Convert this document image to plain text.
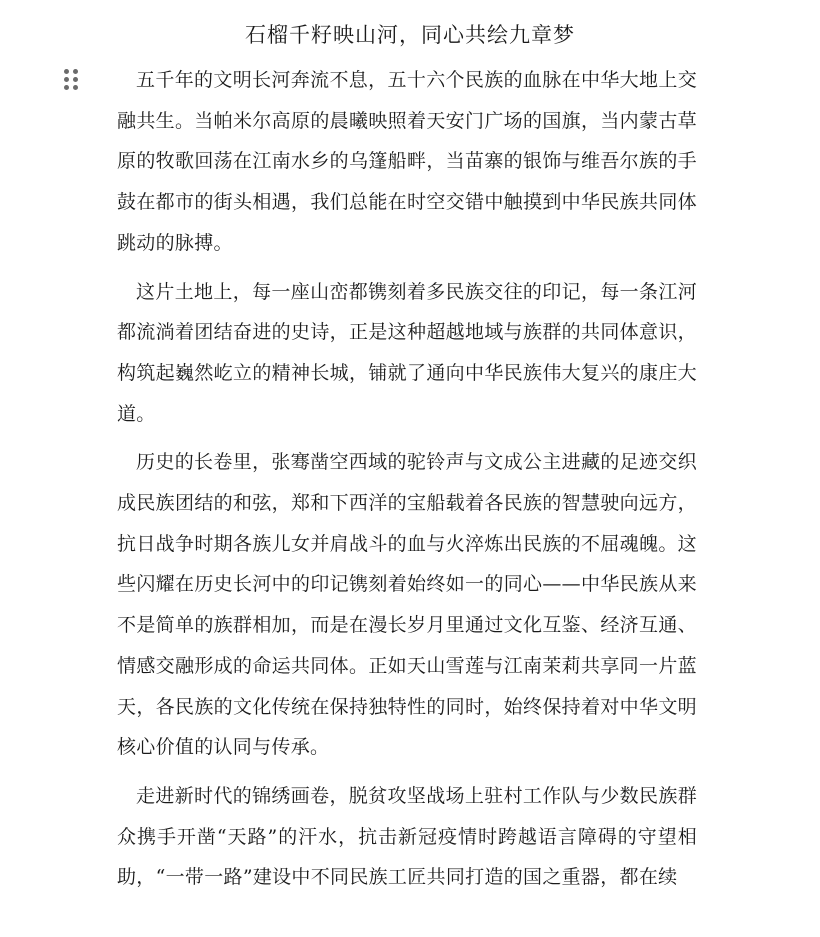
石榴千籽映山河，同心共绘九章梦

五千年的文明长河奔流不息，五十六个民族的血脉在中华大地上交融共生。当帕米尔高原的晨曦映照着天安门广场的国旗，当内蒙古草原的牧歌回荡在江南水乡的乌篷船畔，当苗寨的银饰与维吾尔族的手鼓在都市的街头相遇，我们总能在时空交错中触摸到中华民族共同体跳动的脉搏。

这片土地上，每一座山峦都镌刻着多民族交往的印记，每一条江河都流淌着团结奋进的史诗，正是这种超越地域与族群的共同体意识，构筑起巍然屹立的精神长城，铺就了通向中华民族伟大复兴的康庄大道。

历史的长卷里，张骞凿空西域的驼铃声与文成公主进藏的足迹交织成民族团结的和弦，郑和下西洋的宝船载着各民族的智慧驶向远方，抗日战争时期各族儿女并肩战斗的血与火淬炼出民族的不屈魂魄。这些闪耀在历史长河中的印记镌刻着始终如一的同心——中华民族从来不是简单的族群相加，而是在漫长岁月里通过文化互鉴、经济互通、情感交融形成的命运共同体。正如天山雪莲与江南茉莉共享同一片蓝天，各民族的文化传统在保持独特性的同时，始终保持着对中华文明核心价值的认同与传承。

走进新时代的锦绣画卷，脱贫攻坚战场上驻村工作队与少数民族群众携手开凿“天路”的汗水，抗击新冠疫情时跨越语言障碍的守望相助，“一带一路”建设中不同民族工匠共同打造的国之重器，都在续
